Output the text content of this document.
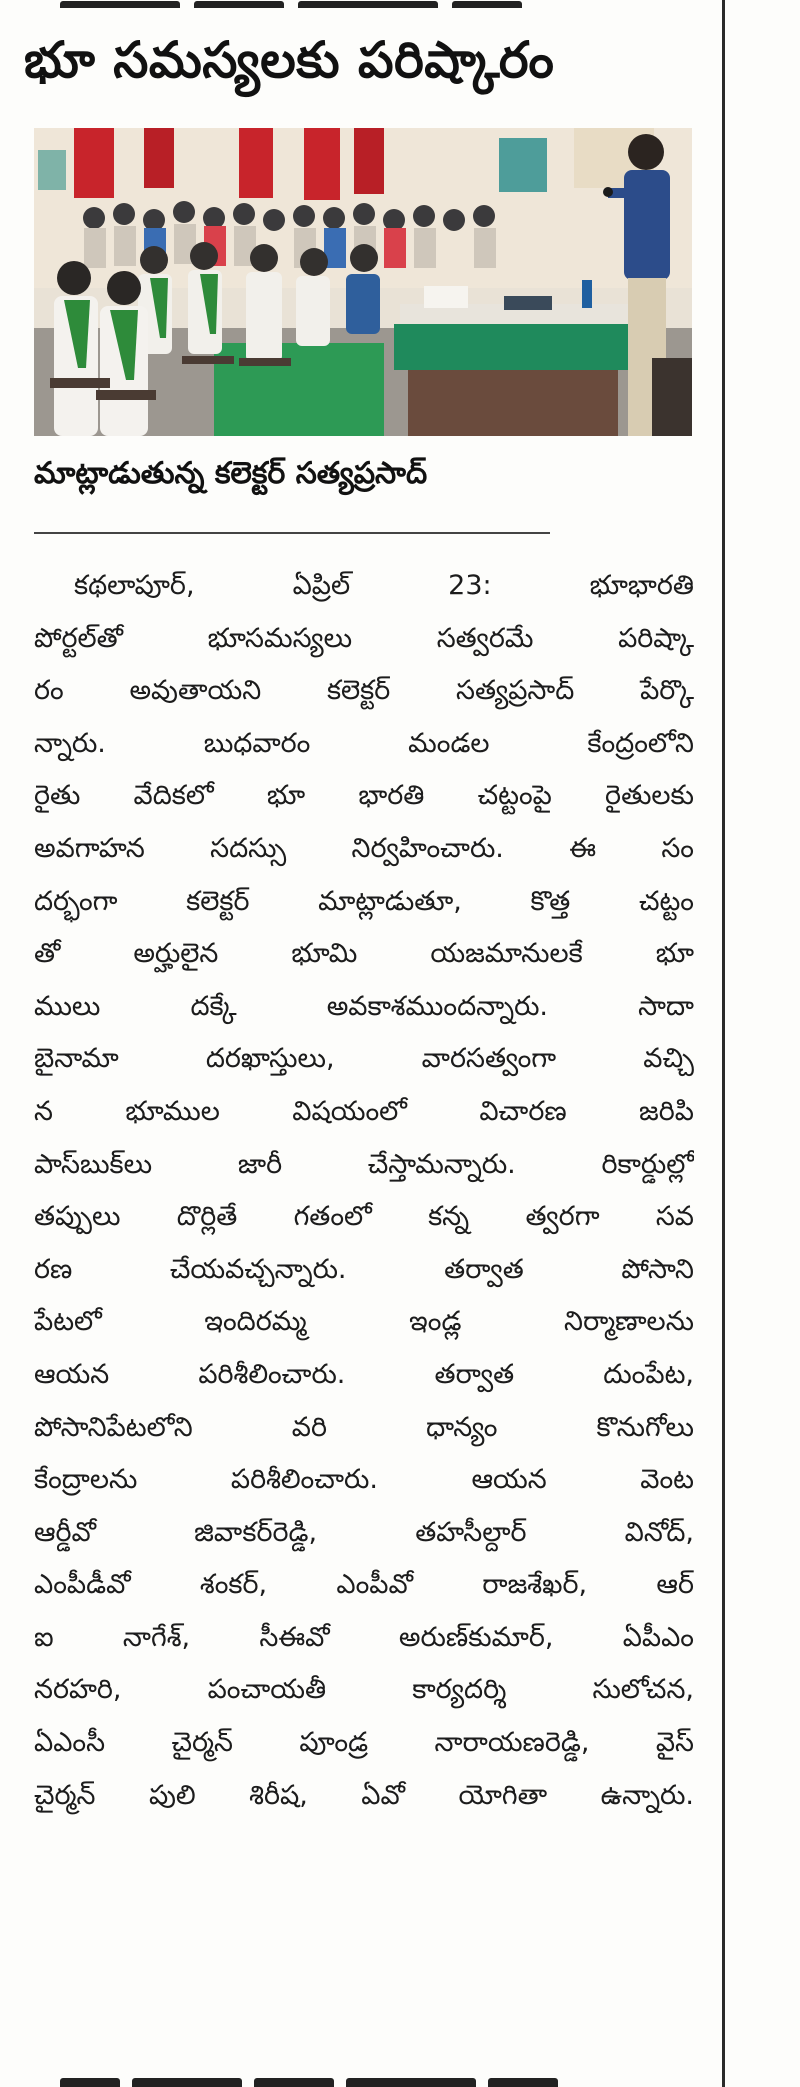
భూ సమస్యలకు పరిష్కారం

మాట్లాడుతున్న కలెక్టర్ సత్యప్రసాద్

కథలాపూర్, ఏప్రిల్ 23: భూభారతి
పోర్టల్‌తో భూసమస్యలు సత్వరమే పరిష్కా
రం అవుతాయని కలెక్టర్ సత్యప్రసాద్ పేర్కొ
న్నారు. బుధవారం మండల కేంద్రంలోని
రైతు వేదికలో భూ భారతి చట్టంపై రైతులకు
అవగాహన సదస్సు నిర్వహించారు. ఈ సం
దర్భంగా కలెక్టర్ మాట్లాడుతూ, కొత్త చట్టం
తో అర్హులైన భూమి యజమానులకే భూ
ములు దక్కే అవకాశముందన్నారు. సాదా
బైనామా దరఖాస్తులు, వారసత్వంగా వచ్చి
న భూముల విషయంలో విచారణ జరిపి
పాస్‌బుక్‌లు జారీ చేస్తామన్నారు. రికార్డుల్లో
తప్పులు దొర్లితే గతంలో కన్న త్వరగా సవ
రణ చేయవచ్చన్నారు. తర్వాత పోసాని
పేటలో ఇందిరమ్మ ఇండ్ల నిర్మాణాలను
ఆయన పరిశీలించారు. తర్వాత దుంపేట,
పోసానిపేటలోని వరి ధాన్యం కొనుగోలు
కేంద్రాలను పరిశీలించారు. ఆయన వెంట
ఆర్డీవో జివాకర్‌రెడ్డి, తహసీల్దార్ వినోద్,
ఎంపీడీవో శంకర్, ఎంపీవో రాజశేఖర్, ఆర్
ఐ నాగేశ్, సీఈవో అరుణ్‌కుమార్, ఏపీఎం
నరహరి, పంచాయతీ కార్యదర్శి సులోచన,
ఏఎంసీ చైర్మన్ పూండ్ర నారాయణరెడ్డి, వైస్
చైర్మన్ పులి శిరీష, ఏవో యోగితా ఉన్నారు.
